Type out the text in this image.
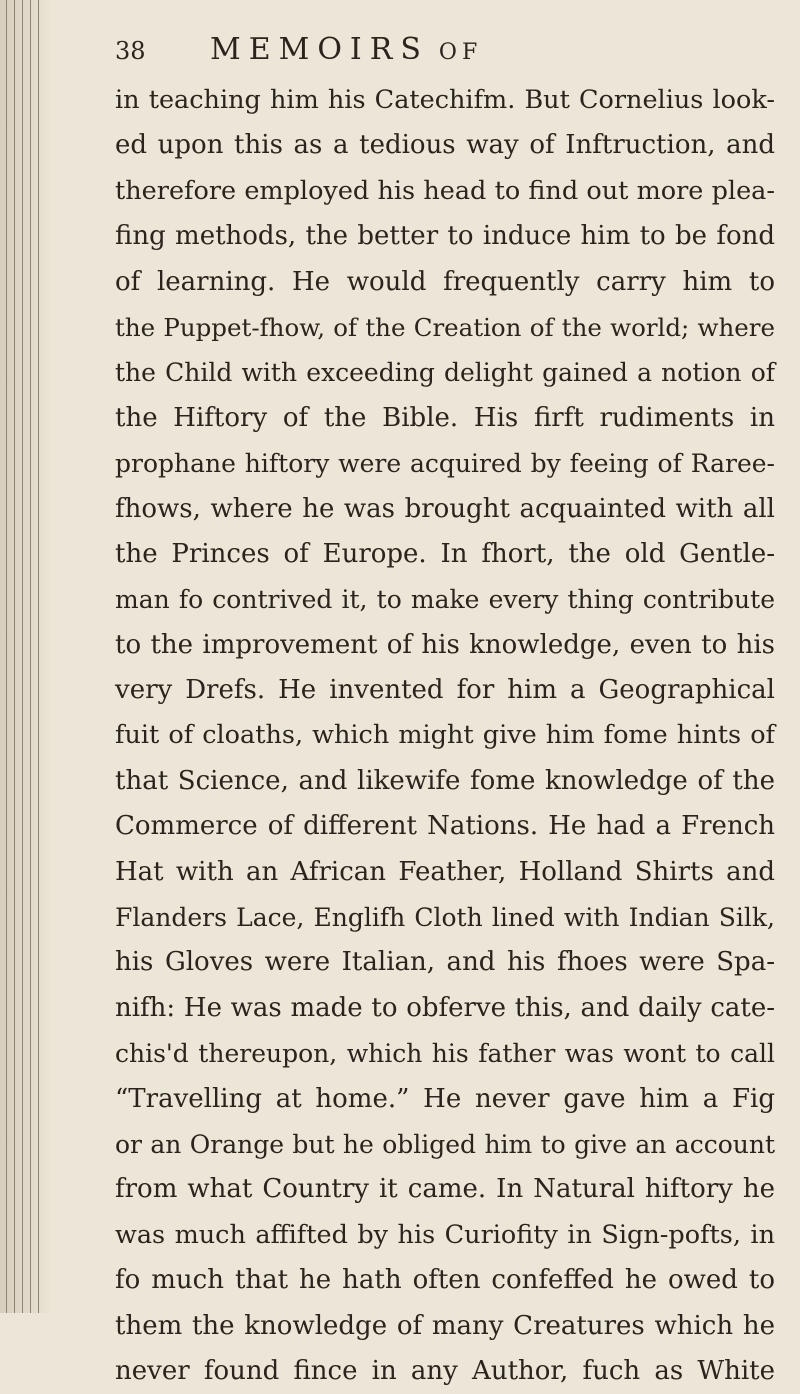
38	MEMOIRS OF
in teaching him his Catechifm. But Cornelius look-
ed upon this as a tedious way of Inftruction, and
therefore employed his head to find out more plea-
fing methods, the better to induce him to be fond
of learning. He would frequently carry him to
the Puppet-fhow, of the Creation of the world; where
the Child with exceeding delight gained a notion of
the Hiftory of the Bible. His firft rudiments in
prophane hiftory were acquired by feeing of Raree-
fhows, where he was brought acquainted with all
the Princes of Europe. In fhort, the old Gentle-
man fo contrived it, to make every thing contribute
to the improvement of his knowledge, even to his
very Drefs. He invented for him a Geographical
fuit of cloaths, which might give him fome hints of
that Science, and likewife fome knowledge of the
Commerce of different Nations. He had a French
Hat with an African Feather, Holland Shirts and
Flanders Lace, Englifh Cloth lined with Indian Silk,
his Gloves were Italian, and his fhoes were Spa-
nifh: He was made to obferve this, and daily cate-
chis'd thereupon, which his father was wont to call
“Travelling at home.” He never gave him a Fig
or an Orange but he obliged him to give an account
from what Country it came. In Natural hiftory he
was much affifted by his Curiofity in Sign-pofts, in
fo much that he hath often confeffed he owed to
them the knowledge of many Creatures which he
never found fince in any Author, fuch as White
